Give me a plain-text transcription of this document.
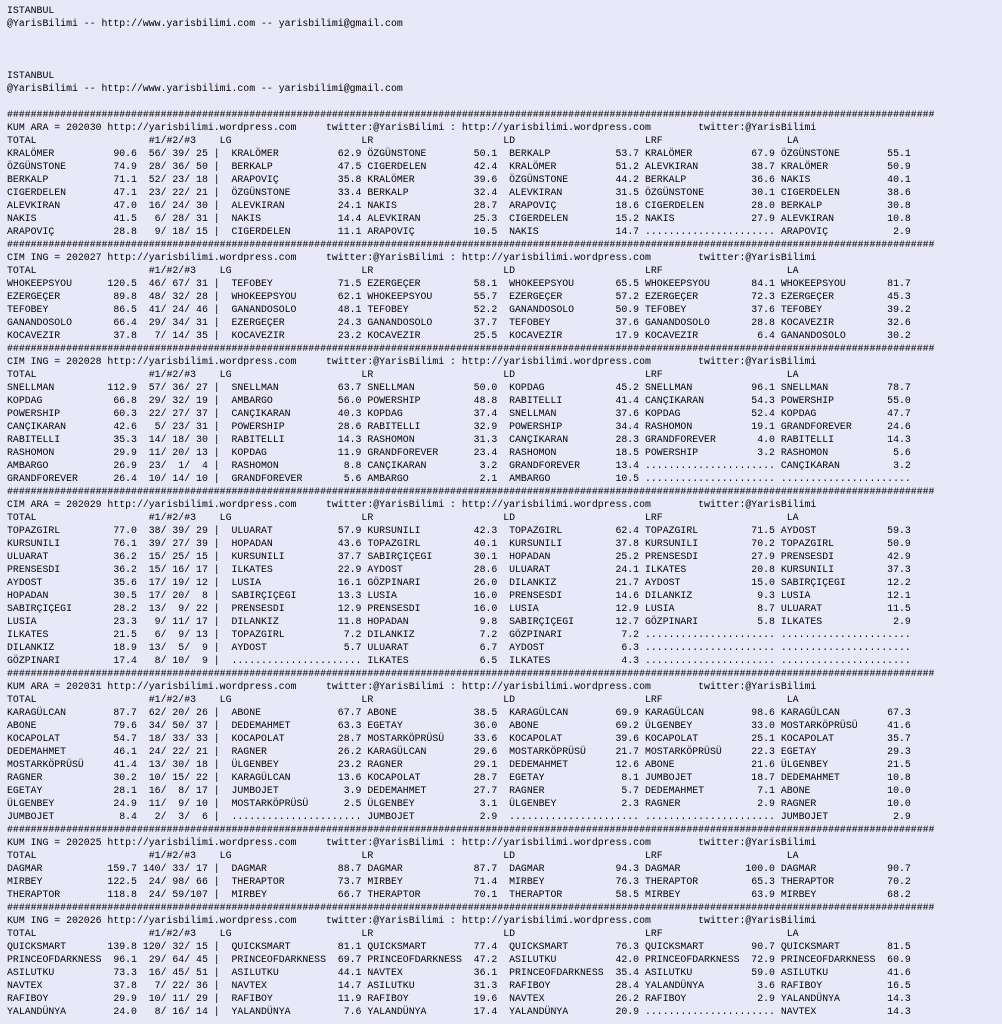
ISTANBUL
@YarisBilimi -- http://www.yarisbilimi.com -- yarisbilimi@gmail.com
ISTANBUL
@YarisBilimi -- http://www.yarisbilimi.com -- yarisbilimi@gmail.com
#############################################################################################################################################################
KUM ARA = 202030 http://yarisbilimi.wordpress.com     twitter:@YarisBilimi : http://yarisbilimi.wordpress.com        twitter:@YarisBilimi
TOTAL                   #1/#2/#3    LG                      LR                      LD                      LRF                     LA
KRALÖMER          90.6  56/ 39/ 25 |  KRALÖMER          62.9 ÖZGÜNSTONE        50.1  BERKALP           53.7 KRALÖMER          67.9 ÖZGÜNSTONE        55.1
ÖZGÜNSTONE        74.9  28/ 36/ 50 |  BERKALP           47.5 CIGERDELEN        42.4  KRALÖMER          51.2 ALEVKIRAN         38.7 KRALÖMER          50.9
BERKALP           71.1  52/ 23/ 18 |  ARAPOVIÇ          35.8 KRALÖMER          39.6  ÖZGÜNSTONE        44.2 BERKALP           36.6 NAKIS             40.1
CIGERDELEN        47.1  23/ 22/ 21 |  ÖZGÜNSTONE        33.4 BERKALP           32.4  ALEVKIRAN         31.5 ÖZGÜNSTONE        30.1 CIGERDELEN        38.6
ALEVKIRAN         47.0  16/ 24/ 30 |  ALEVKIRAN         24.1 NAKIS             28.7  ARAPOVIÇ          18.6 CIGERDELEN        28.0 BERKALP           30.8
NAKIS             41.5   6/ 28/ 31 |  NAKIS             14.4 ALEVKIRAN         25.3  CIGERDELEN        15.2 NAKIS             27.9 ALEVKIRAN         10.8
ARAPOVIÇ          28.8   9/ 18/ 15 |  CIGERDELEN        11.1 ARAPOVIÇ          10.5  NAKIS             14.7 ...................... ARAPOVIÇ           2.9
#############################################################################################################################################################
CIM ING = 202027 http://yarisbilimi.wordpress.com     twitter:@YarisBilimi : http://yarisbilimi.wordpress.com        twitter:@YarisBilimi
TOTAL                   #1/#2/#3    LG                      LR                      LD                      LRF                     LA
WHOKEEPSYOU      120.5  46/ 67/ 31 |  TEFOBEY           71.5 EZERGEÇER         58.1  WHOKEEPSYOU       65.5 WHOKEEPSYOU       84.1 WHOKEEPSYOU       81.7
EZERGEÇER         89.8  48/ 32/ 28 |  WHOKEEPSYOU       62.1 WHOKEEPSYOU       55.7  EZERGEÇER         57.2 EZERGEÇER         72.3 EZERGEÇER         45.3
TEFOBEY           86.5  41/ 24/ 46 |  GANANDOSOLO       48.1 TEFOBEY           52.2  GANANDOSOLO       50.9 TEFOBEY           37.6 TEFOBEY           39.2
GANANDOSOLO       66.4  29/ 34/ 31 |  EZERGEÇER         24.3 GANANDOSOLO       37.7  TEFOBEY           37.6 GANANDOSOLO       28.8 KOCAVEZIR         32.6
KOCAVEZIR         37.8   7/ 14/ 35 |  KOCAVEZIR         23.2 KOCAVEZIR         25.5  KOCAVEZIR         17.9 KOCAVEZIR          6.4 GANANDOSOLO       30.2
#############################################################################################################################################################
CIM ING = 202028 http://yarisbilimi.wordpress.com     twitter:@YarisBilimi : http://yarisbilimi.wordpress.com        twitter:@YarisBilimi
TOTAL                   #1/#2/#3    LG                      LR                      LD                      LRF                     LA
SNELLMAN         112.9  57/ 36/ 27 |  SNELLMAN          63.7 SNELLMAN          50.0  KOPDAG            45.2 SNELLMAN          96.1 SNELLMAN          78.7
KOPDAG            66.8  29/ 32/ 19 |  AMBARGO           56.0 POWERSHIP         48.8  RABITELLI         41.4 CANÇIKARAN        54.3 POWERSHIP         55.0
POWERSHIP         60.3  22/ 27/ 37 |  CANÇIKARAN        40.3 KOPDAG            37.4  SNELLMAN          37.6 KOPDAG            52.4 KOPDAG            47.7
CANÇIKARAN        42.6   5/ 23/ 31 |  POWERSHIP         28.6 RABITELLI         32.9  POWERSHIP         34.4 RASHOMON          19.1 GRANDFOREVER      24.6
RABITELLI         35.3  14/ 18/ 30 |  RABITELLI         14.3 RASHOMON          31.3  CANÇIKARAN        28.3 GRANDFOREVER       4.0 RABITELLI         14.3
RASHOMON          29.9  11/ 20/ 13 |  KOPDAG            11.9 GRANDFOREVER      23.4  RASHOMON          18.5 POWERSHIP          3.2 RASHOMON           5.6
AMBARGO           26.9  23/  1/  4 |  RASHOMON           8.8 CANÇIKARAN         3.2  GRANDFOREVER      13.4 ...................... CANÇIKARAN         3.2
GRANDFOREVER      26.4  10/ 14/ 10 |  GRANDFOREVER       5.6 AMBARGO            2.1  AMBARGO           10.5 ...................... ......................
#############################################################################################################################################################
CIM ARA = 202029 http://yarisbilimi.wordpress.com     twitter:@YarisBilimi : http://yarisbilimi.wordpress.com        twitter:@YarisBilimi
TOTAL                   #1/#2/#3    LG                      LR                      LD                      LRF                     LA
TOPAZGIRL         77.0  38/ 39/ 29 |  ULUARAT           57.9 KURSUNILI         42.3  TOPAZGIRL         62.4 TOPAZGIRL         71.5 AYDOST            59.3
KURSUNILI         76.1  39/ 27/ 39 |  HOPADAN           43.6 TOPAZGIRL         40.1  KURSUNILI         37.8 KURSUNILI         70.2 TOPAZGIRL         50.9
ULUARAT           36.2  15/ 25/ 15 |  KURSUNILI         37.7 SABIRÇIÇEGI       30.1  HOPADAN           25.2 PRENSESDI         27.9 PRENSESDI         42.9
PRENSESDI         36.2  15/ 16/ 17 |  ILKATES           22.9 AYDOST            28.6  ULUARAT           24.1 ILKATES           20.8 KURSUNILI         37.3
AYDOST            35.6  17/ 19/ 12 |  LUSIA             16.1 GÖZPINARI         26.0  DILANKIZ          21.7 AYDOST            15.0 SABIRÇIÇEGI       12.2
HOPADAN           30.5  17/ 20/  8 |  SABIRÇIÇEGI       13.3 LUSIA             16.0  PRENSESDI         14.6 DILANKIZ           9.3 LUSIA             12.1
SABIRÇIÇEGI       28.2  13/  9/ 22 |  PRENSESDI         12.9 PRENSESDI         16.0  LUSIA             12.9 LUSIA              8.7 ULUARAT           11.5
LUSIA             23.3   9/ 11/ 17 |  DILANKIZ          11.8 HOPADAN            9.8  SABIRÇIÇEGI       12.7 GÖZPINARI          5.8 ILKATES            2.9
ILKATES           21.5   6/  9/ 13 |  TOPAZGIRL          7.2 DILANKIZ           7.2  GÖZPINARI          7.2 ...................... ......................
DILANKIZ          18.9  13/  5/  9 |  AYDOST             5.7 ULUARAT            6.7  AYDOST             6.3 ...................... ......................
GÖZPINARI         17.4   8/ 10/  9 |  ...................... ILKATES            6.5  ILKATES            4.3 ...................... ......................
#############################################################################################################################################################
KUM ARA = 202031 http://yarisbilimi.wordpress.com     twitter:@YarisBilimi : http://yarisbilimi.wordpress.com        twitter:@YarisBilimi
TOTAL                   #1/#2/#3    LG                      LR                      LD                      LRF                     LA
KARAGÜLCAN        87.7  62/ 20/ 26 |  ABONE             67.7 ABONE             38.5  KARAGÜLCAN        69.9 KARAGÜLCAN        98.6 KARAGÜLCAN        67.3
ABONE             79.6  34/ 50/ 37 |  DEDEMAHMET        63.3 EGETAY            36.0  ABONE             69.2 ÜLGENBEY          33.0 MOSTARKÖPRÜSÜ     41.6
KOCAPOLAT         54.7  18/ 33/ 33 |  KOCAPOLAT         28.7 MOSTARKÖPRÜSÜ     33.6  KOCAPOLAT         39.6 KOCAPOLAT         25.1 KOCAPOLAT         35.7
DEDEMAHMET        46.1  24/ 22/ 21 |  RAGNER            26.2 KARAGÜLCAN        29.6  MOSTARKÖPRÜSÜ     21.7 MOSTARKÖPRÜSÜ     22.3 EGETAY            29.3
MOSTARKÖPRÜSÜ     41.4  13/ 30/ 18 |  ÜLGENBEY          23.2 RAGNER            29.1  DEDEMAHMET        12.6 ABONE             21.6 ÜLGENBEY          21.5
RAGNER            30.2  10/ 15/ 22 |  KARAGÜLCAN        13.6 KOCAPOLAT         28.7  EGETAY             8.1 JUMBOJET          18.7 DEDEMAHMET        10.8
EGETAY            28.1  16/  8/ 17 |  JUMBOJET           3.9 DEDEMAHMET        27.7  RAGNER             5.7 DEDEMAHMET         7.1 ABONE             10.0
ÜLGENBEY          24.9  11/  9/ 10 |  MOSTARKÖPRÜSÜ      2.5 ÜLGENBEY           3.1  ÜLGENBEY           2.3 RAGNER             2.9 RAGNER            10.0
JUMBOJET           8.4   2/  3/  6 |  ...................... JUMBOJET           2.9  ...................... ...................... JUMBOJET           2.9
#############################################################################################################################################################
KUM ING = 202025 http://yarisbilimi.wordpress.com     twitter:@YarisBilimi : http://yarisbilimi.wordpress.com        twitter:@YarisBilimi
TOTAL                   #1/#2/#3    LG                      LR                      LD                      LRF                     LA
DAGMAR           159.7 140/ 33/ 17 |  DAGMAR            88.7 DAGMAR            87.7  DAGMAR            94.3 DAGMAR           100.0 DAGMAR            90.7
MIRBEY           122.5  24/ 98/ 66 |  THERAPTOR         73.7 MIRBEY            71.4  MIRBEY            76.3 THERAPTOR         65.3 THERAPTOR         70.2
THERAPTOR        118.8  24/ 59/107 |  MIRBEY            66.7 THERAPTOR         70.1  THERAPTOR         58.5 MIRBEY            63.9 MIRBEY            68.2
#############################################################################################################################################################
KUM ING = 202026 http://yarisbilimi.wordpress.com     twitter:@YarisBilimi : http://yarisbilimi.wordpress.com        twitter:@YarisBilimi
TOTAL                   #1/#2/#3    LG                      LR                      LD                      LRF                     LA
QUICKSMART       139.8 120/ 32/ 15 |  QUICKSMART        81.1 QUICKSMART        77.4  QUICKSMART        76.3 QUICKSMART        90.7 QUICKSMART        81.5
PRINCEOFDARKNESS  96.1  29/ 64/ 45 |  PRINCEOFDARKNESS  69.7 PRINCEOFDARKNESS  47.2  ASILUTKU          42.0 PRINCEOFDARKNESS  72.9 PRINCEOFDARKNESS  60.9
ASILUTKU          73.3  16/ 45/ 51 |  ASILUTKU          44.1 NAVTEX            36.1  PRINCEOFDARKNESS  35.4 ASILUTKU          59.0 ASILUTKU          41.6
NAVTEX            37.8   7/ 22/ 36 |  NAVTEX            14.7 ASILUTKU          31.3  RAFIBOY           28.4 YALANDÜNYA         3.6 RAFIBOY           16.5
RAFIBOY           29.9  10/ 11/ 29 |  RAFIBOY           11.9 RAFIBOY           19.6  NAVTEX            26.2 RAFIBOY            2.9 YALANDÜNYA        14.3
YALANDÜNYA        24.0   8/ 16/ 14 |  YALANDÜNYA         7.6 YALANDÜNYA        17.4  YALANDÜNYA        20.9 ...................... NAVTEX            14.3
